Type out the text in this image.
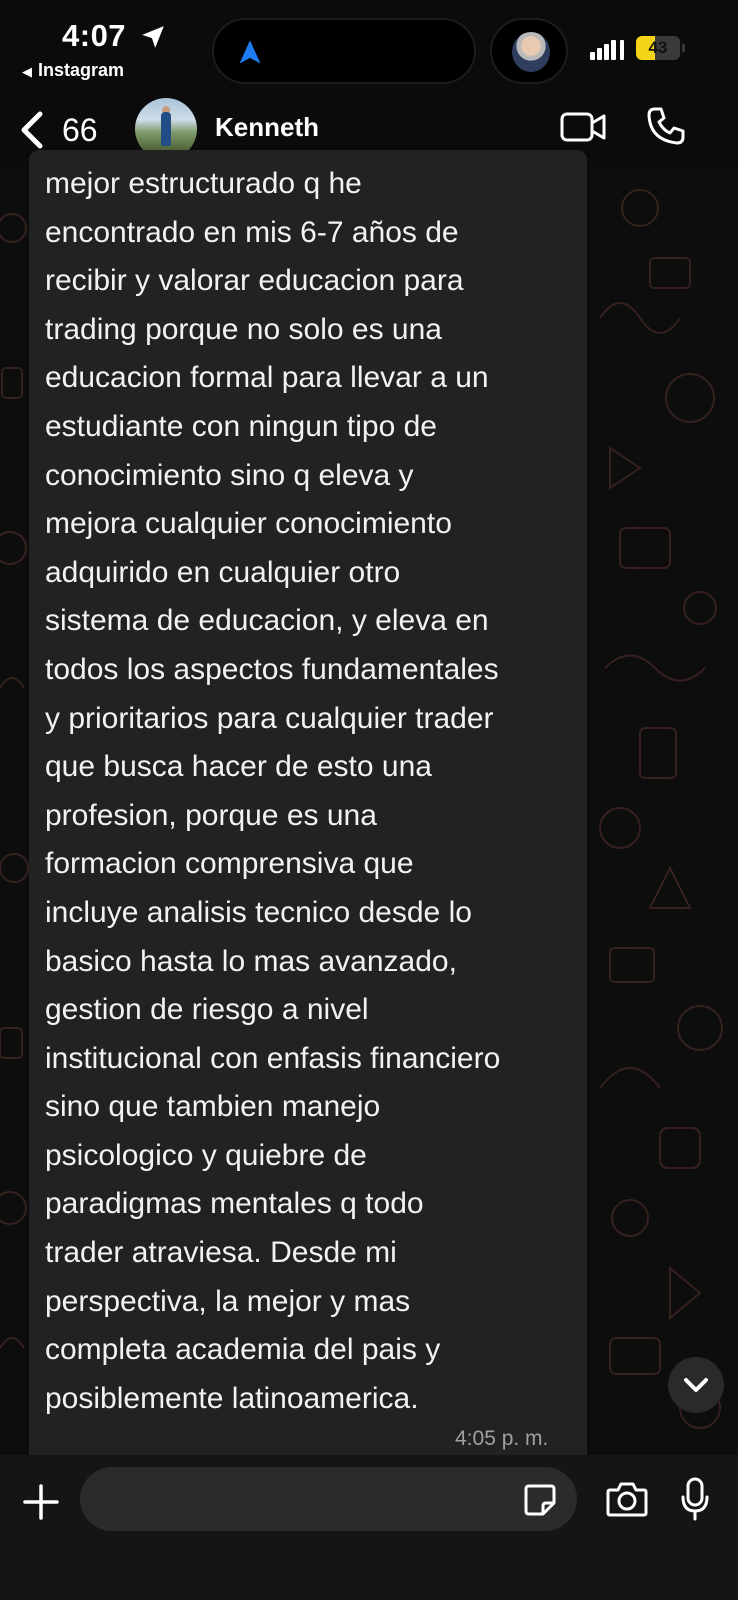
4:07
◀ Instagram
43
66	Kenneth
mejor estructurado q he
encontrado en mis 6-7 años de
recibir y valorar educacion para
trading porque no solo es una
educacion formal para llevar a un
estudiante con ningun tipo de
conocimiento sino q eleva y
mejora cualquier conocimiento
adquirido en cualquier otro
sistema de educacion, y eleva en
todos los aspectos fundamentales
y prioritarios para cualquier trader
que busca hacer de esto una
profesion, porque es una
formacion comprensiva que
incluye analisis tecnico desde lo
basico hasta lo mas avanzado,
gestion de riesgo a nivel
institucional con enfasis financiero
sino que tambien manejo
psicologico y quiebre de
paradigmas mentales q todo
trader atraviesa. Desde mi
perspectiva, la mejor y mas
completa academia del pais y
posiblemente latinoamerica.
4:05 p. m.
